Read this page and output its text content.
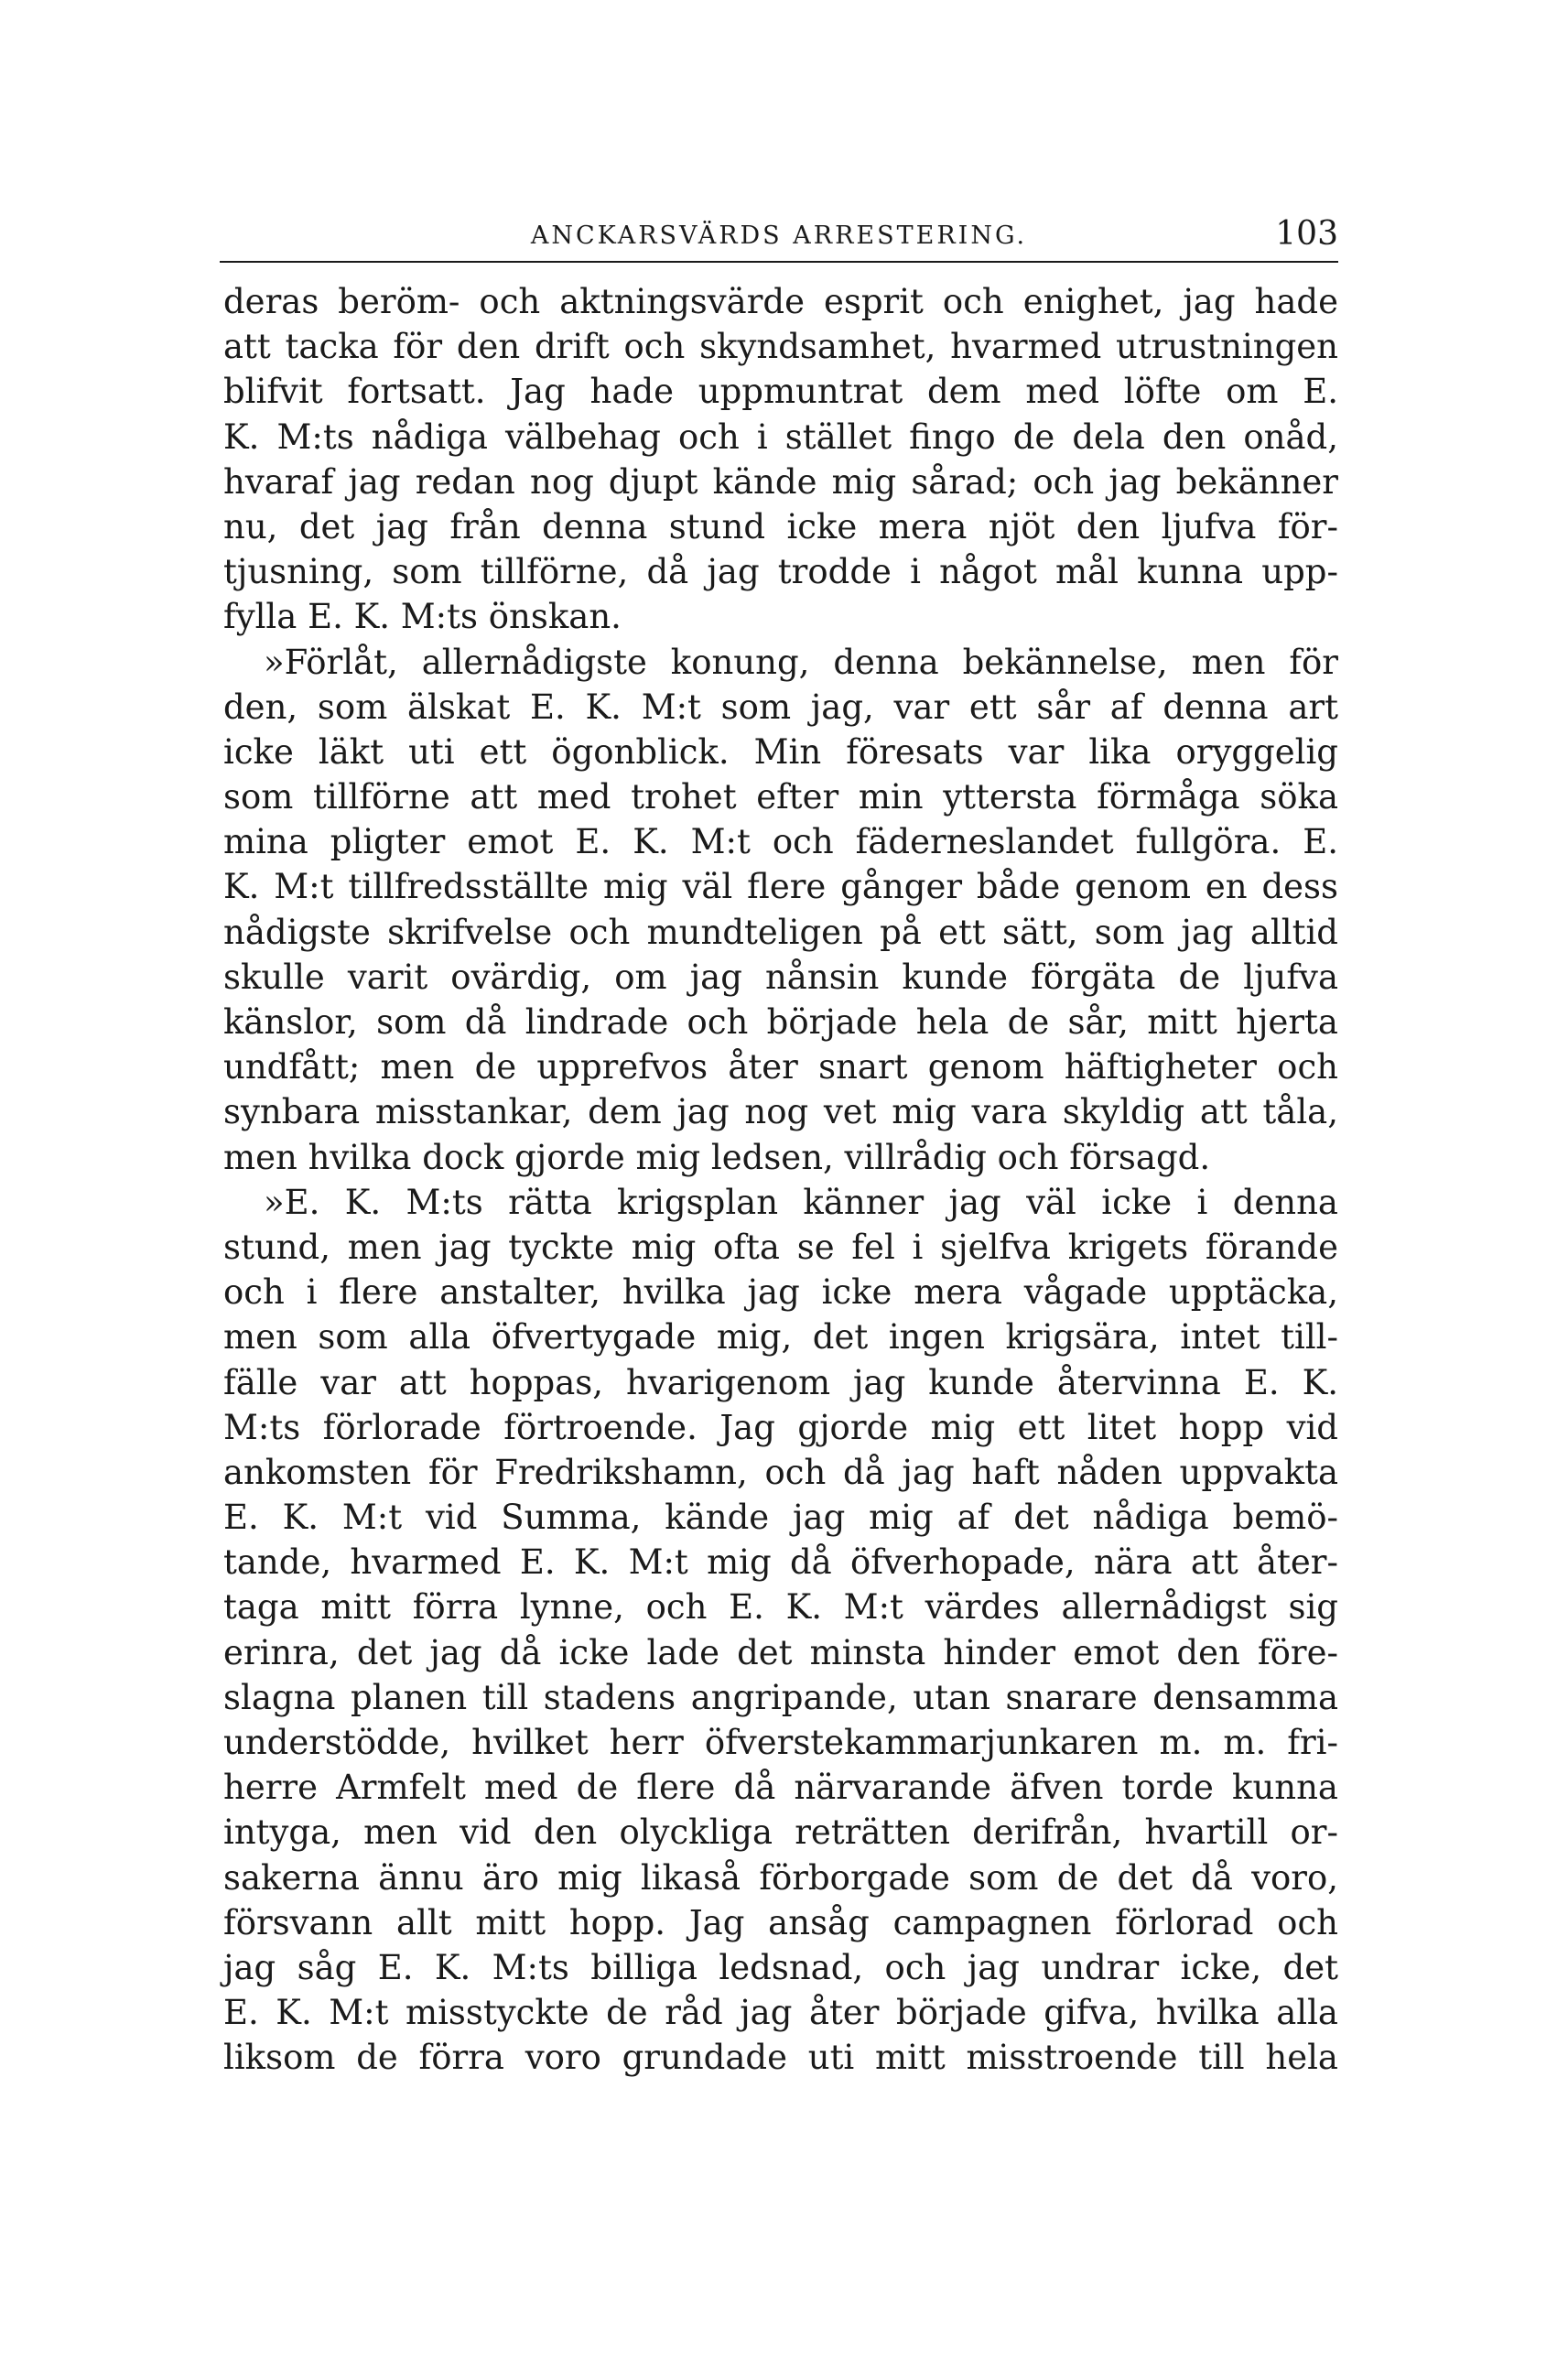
ANCKARSVÄRDS ARRESTERING.	103
deras beröm- och aktningsvärde esprit och enighet, jag hade
att tacka för den drift och skyndsamhet, hvarmed utrustningen
blifvit fortsatt. Jag hade uppmuntrat dem med löfte om E.
K. M:ts nådiga välbehag och i stället fingo de dela den onåd,
hvaraf jag redan nog djupt kände mig sårad; och jag bekänner
nu, det jag från denna stund icke mera njöt den ljufva för-
tjusning, som tillförne, då jag trodde i något mål kunna upp-
fylla E. K. M:ts önskan.
»Förlåt, allernådigste konung, denna bekännelse, men för
den, som älskat E. K. M:t som jag, var ett sår af denna art
icke läkt uti ett ögonblick. Min föresats var lika oryggelig
som tillförne att med trohet efter min yttersta förmåga söka
mina pligter emot E. K. M:t och fäderneslandet fullgöra. E.
K. M:t tillfredsställte mig väl flere gånger både genom en dess
nådigste skrifvelse och mundteligen på ett sätt, som jag alltid
skulle varit ovärdig, om jag nånsin kunde förgäta de ljufva
känslor, som då lindrade och började hela de sår, mitt hjerta
undfått; men de upprefvos åter snart genom häftigheter och
synbara misstankar, dem jag nog vet mig vara skyldig att tåla,
men hvilka dock gjorde mig ledsen, villrådig och försagd.
»E. K. M:ts rätta krigsplan känner jag väl icke i denna
stund, men jag tyckte mig ofta se fel i sjelfva krigets förande
och i flere anstalter, hvilka jag icke mera vågade upptäcka,
men som alla öfvertygade mig, det ingen krigsära, intet till-
fälle var att hoppas, hvarigenom jag kunde återvinna E. K.
M:ts förlorade förtroende. Jag gjorde mig ett litet hopp vid
ankomsten för Fredrikshamn, och då jag haft nåden uppvakta
E. K. M:t vid Summa, kände jag mig af det nådiga bemö-
tande, hvarmed E. K. M:t mig då öfverhopade, nära att åter-
taga mitt förra lynne, och E. K. M:t värdes allernådigst sig
erinra, det jag då icke lade det minsta hinder emot den före-
slagna planen till stadens angripande, utan snarare densamma
understödde, hvilket herr öfverstekammarjunkaren m. m. fri-
herre Armfelt med de flere då närvarande äfven torde kunna
intyga, men vid den olyckliga reträtten derifrån, hvartill or-
sakerna ännu äro mig likaså förborgade som de det då voro,
försvann allt mitt hopp. Jag ansåg campagnen förlorad och
jag såg E. K. M:ts billiga ledsnad, och jag undrar icke, det
E. K. M:t misstyckte de råd jag åter började gifva, hvilka alla
liksom de förra voro grundade uti mitt misstroende till hela
